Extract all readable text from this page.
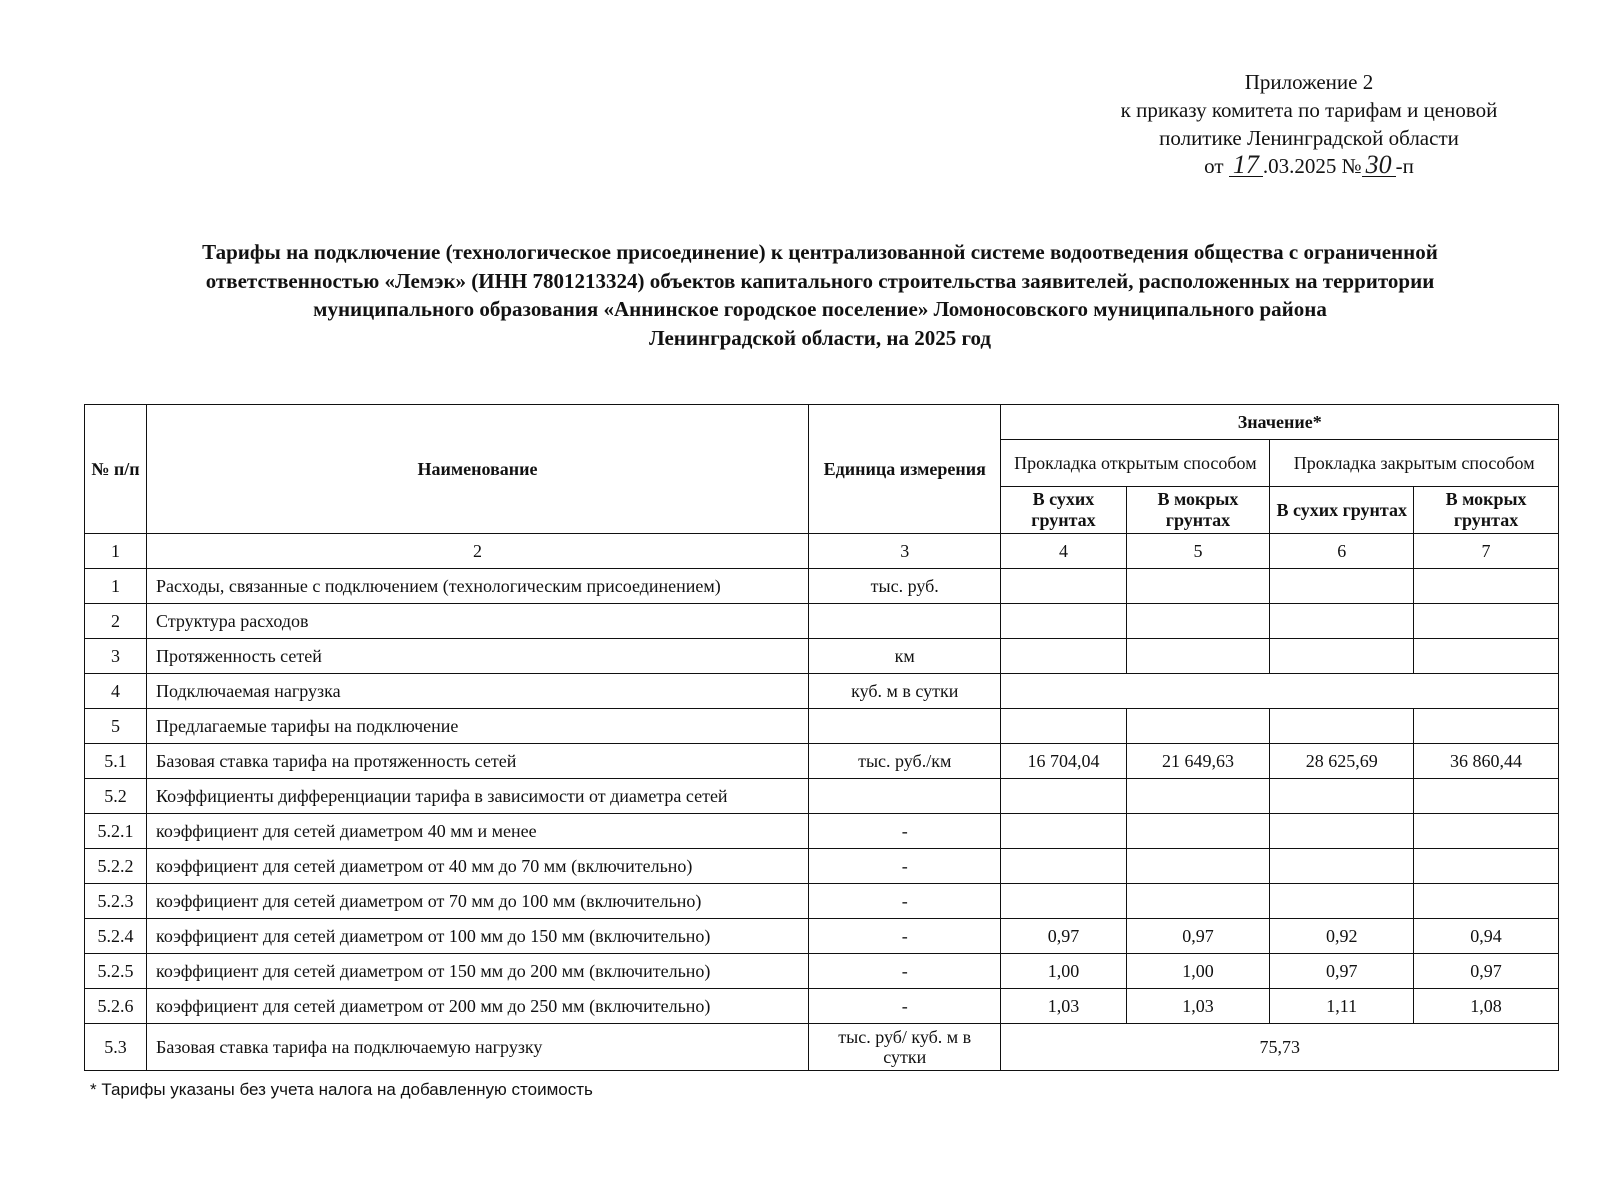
Приложение 2
к приказу комитета по тарифам и ценовой
политике Ленинградской области
от 17 .03.2025 № 30 -п
Тарифы на подключение (технологическое присоединение) к централизованной системе водоотведения общества с ограниченной
ответственностью «Лемэк» (ИНН 7801213324) объектов капитального строительства заявителей, расположенных на территории
муниципального образования «Аннинское городское поселение» Ломоносовского муниципального района
Ленинградской области, на 2025 год
№ п/п	Наименование	Единица измерения	Значение*			
			Прокладка открытым способом		Прокладка закрытым способом	
			В сухих грунтах	В мокрых грунтах	В сухих грунтах	В мокрых грунтах
1	2	3	4	5	6	7
1	Расходы, связанные с подключением (технологическим присоединением)	тыс. руб.				
2	Структура расходов					
3	Протяженность сетей	км				
4	Подключаемая нагрузка	куб. м в сутки				
5	Предлагаемые тарифы на подключение					
5.1	Базовая ставка тарифа на протяженность сетей	тыс. руб./км	16 704,04	21 649,63	28 625,69	36 860,44
5.2	Коэффициенты дифференциации тарифа в зависимости от диаметра сетей					
5.2.1	коэффициент для сетей диаметром 40 мм и менее	-				
5.2.2	коэффициент для сетей диаметром от 40 мм до 70 мм (включительно)	-				
5.2.3	коэффициент для сетей диаметром от 70 мм до 100 мм (включительно)	-				
5.2.4	коэффициент для сетей диаметром от 100 мм до 150 мм (включительно)	-	0,97	0,97	0,92	0,94
5.2.5	коэффициент для сетей диаметром от 150 мм до 200 мм (включительно)	-	1,00	1,00	0,97	0,97
5.2.6	коэффициент для сетей диаметром от 200 мм до 250 мм (включительно)	-	1,03	1,03	1,11	1,08
5.3	Базовая ставка тарифа на подключаемую нагрузку	тыс. руб/ куб. м в сутки	75,73			
* Тарифы указаны без учета налога на добавленную стоимость
